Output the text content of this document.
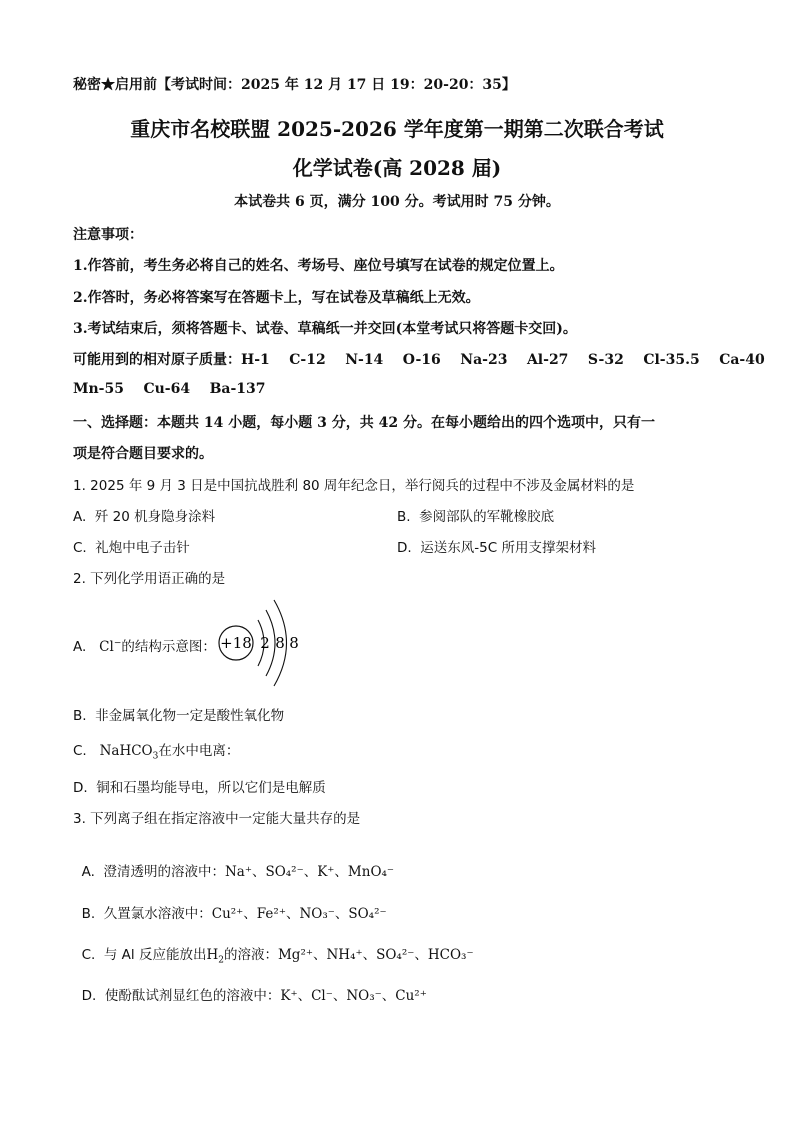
秘密★启用前【考试时间：2025 年 12 月 17 日 19：20-20：35】
重庆市名校联盟 2025-2026 学年度第一期第二次联合考试
化学试卷(高 2028 届)
本试卷共 6 页，满分 100 分。考试用时 75 分钟。
注意事项：
1.作答前，考生务必将自己的姓名、考场号、座位号填写在试卷的规定位置上。
2.作答时，务必将答案写在答题卡上，写在试卷及草稿纸上无效。
3.考试结束后，须将答题卡、试卷、草稿纸一并交回(本堂考试只将答题卡交回)。
可能用到的相对原子质量：H-1    C-12    N-14    O-16    Na-23    Al-27    S-32    Cl-35.5    Ca-40
Mn-55    Cu-64    Ba-137
一、选择题：本题共 14 小题，每小题 3 分，共 42 分。在每小题给出的四个选项中，只有一
项是符合题目要求的。
1. 2025 年 9 月 3 日是中国抗战胜利 80 周年纪念日，举行阅兵的过程中不涉及金属材料的是
A.  歼 20 机身隐身涂料	B.  参阅部队的军靴橡胶底
C.  礼炮中电子击针	D.  运送东风-5C 所用支撑架材料
2. 下列化学用语正确的是
A. Cl−的结构示意图： +18 2 8 8
B.  非金属氧化物一定是酸性氧化物
C. NaHCO$_3$在水中电离：
D.  铜和石墨均能导电，所以它们是电解质
3. 下列离子组在指定溶液中一定能大量共存的是

A.  澄清透明的溶液中：Na⁺、SO₄²⁻、K⁺、MnO₄⁻

B.  久置氯水溶液中：Cu²⁺、Fe²⁺、NO₃⁻、SO₄²⁻

C.  与 Al 反应能放出$H_2$的溶液：Mg²⁺、NH₄⁺、SO₄²⁻、HCO₃⁻

D.  使酚酞试剂显红色的溶液中：K⁺、Cl⁻、NO₃⁻、Cu²⁺
